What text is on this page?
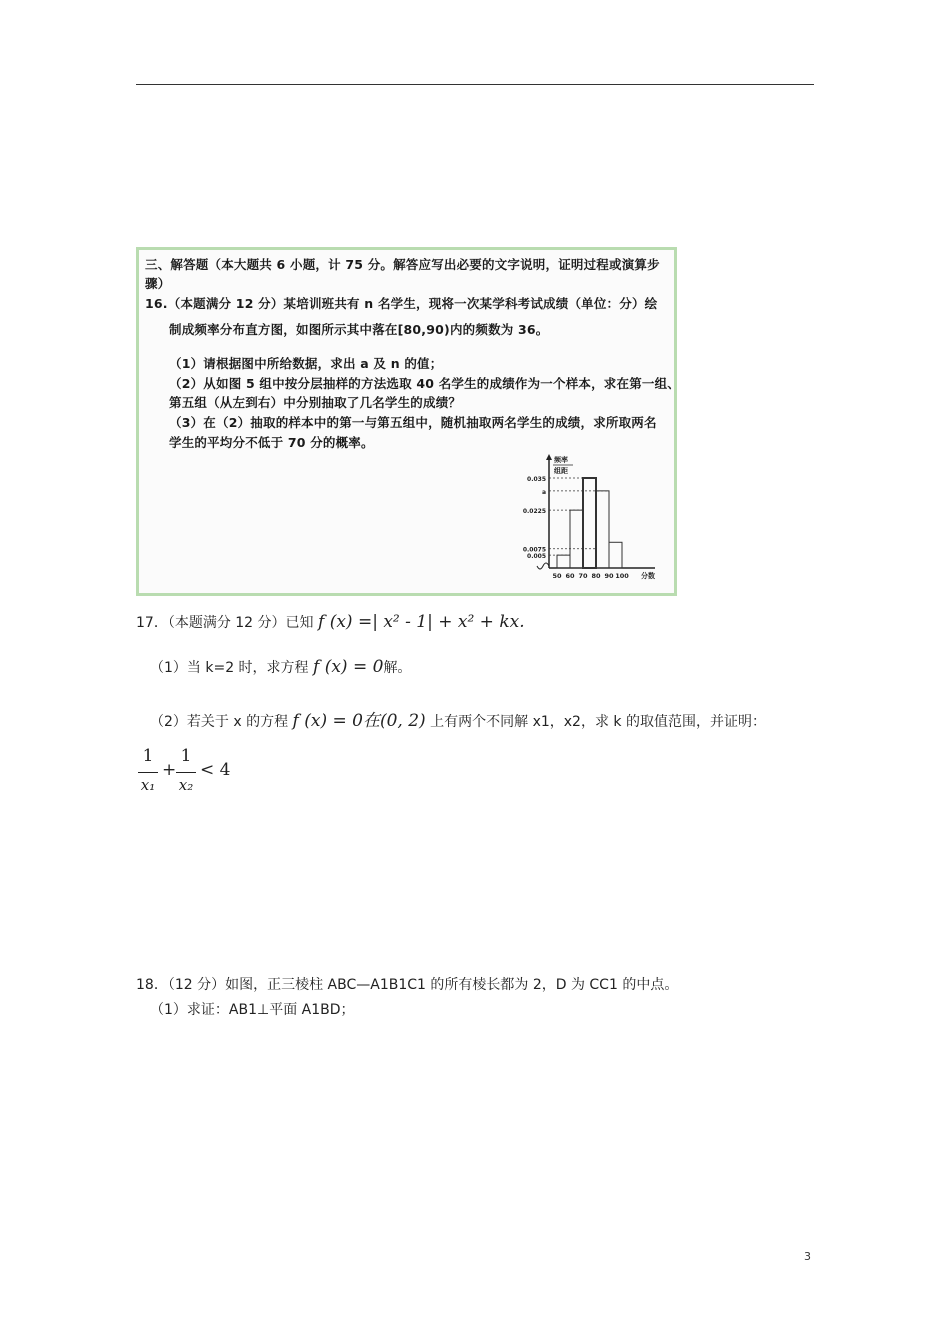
三、解答题（本大题共 6 小题，计 75 分。解答应写出必要的文字说明，证明过程或演算步
骤）
16.（本题满分 12 分）某培训班共有 n 名学生，现将一次某学科考试成绩（单位：分）绘
制成频率分布直方图，如图所示其中落在[80,90)内的频数为 36。
（1）请根据图中所给数据，求出 a 及 n 的值；
（2）从如图 5 组中按分层抽样的方法选取 40 名学生的成绩作为一个样本，求在第一组、
第五组（从左到右）中分别抽取了几名学生的成绩？
（3）在（2）抽取的样本中的第一与第五组中，随机抽取两名学生的成绩，求所取两名
学生的平均分不低于 70 分的概率。
0.035
a
0.0225
0.0075
0.005
50 60 70 80 90 100
频率
组距
分数
17．（本题满分 12 分）已知 f (x) =| x² - 1| + x² + kx.
（1）当 k=2 时，求方程 f (x) = 0解。
（2）若关于 x 的方程 f (x) = 0在(0, 2) 上有两个不同解 x1，x2，求 k 的取值范围，并证明：
1
x₁
+
1
x₂
< 4
18．（12 分）如图，正三棱柱 ABC—A1B1C1 的所有棱长都为 2，D 为 CC1 的中点。
（1）求证：AB1⊥平面 A1BD；
3
